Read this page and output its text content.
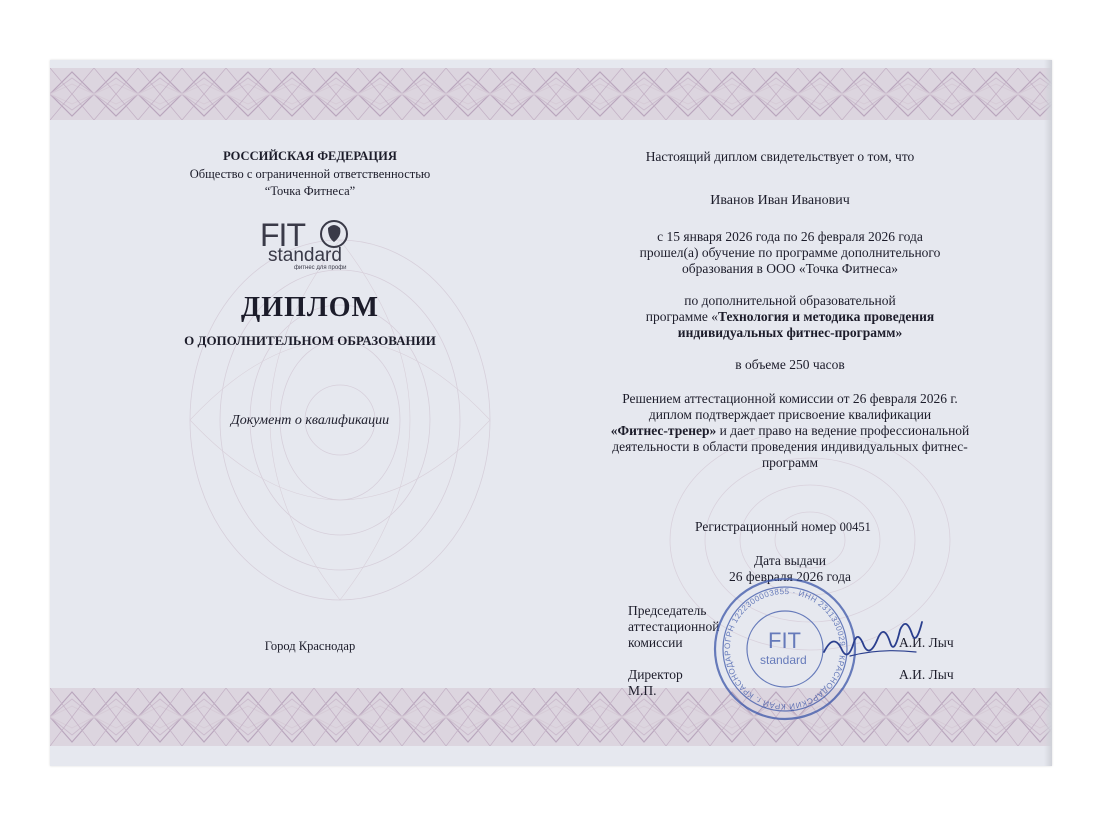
РОССИЙСКАЯ ФЕДЕРАЦИЯ
Общество с ограниченной ответственностью
“Точка Фитнеса”
FIT
standard
фитнес для профи
ДИПЛОМ
О ДОПОЛНИТЕЛЬНОМ ОБРАЗОВАНИИ
Документ о квалификации
Город Краснодар
Настоящий диплом свидетельствует о том, что
Иванов Иван Иванович
с 15 января 2026 года по 26 февраля 2026 года
прошел(а) обучение по программе дополнительного
образования в ООО «Точка Фитнеса»
по дополнительной образовательной
программе «Технология и методика проведения
индивидуальных фитнес-программ»
в объеме 250 часов
Решением аттестационной комиссии от 26 февраля 2026 г.
диплом подтверждает присвоение квалификации
«Фитнес-тренер» и дает право на ведение профессиональной
деятельности в области проведения индивидуальных фитнес-
программ
Регистрационный номер 00451
Дата выдачи
26 февраля 2026 года
Председатель
аттестационной
комиссии	А.И. Лыч
Директор
М.П.
А.И. Лыч
ОГРН 1222300003855 · ИНН 2311330029 · КРАСНОДАРСКИЙ КРАЙ г. КРАСНОДАР	FIT
standard
